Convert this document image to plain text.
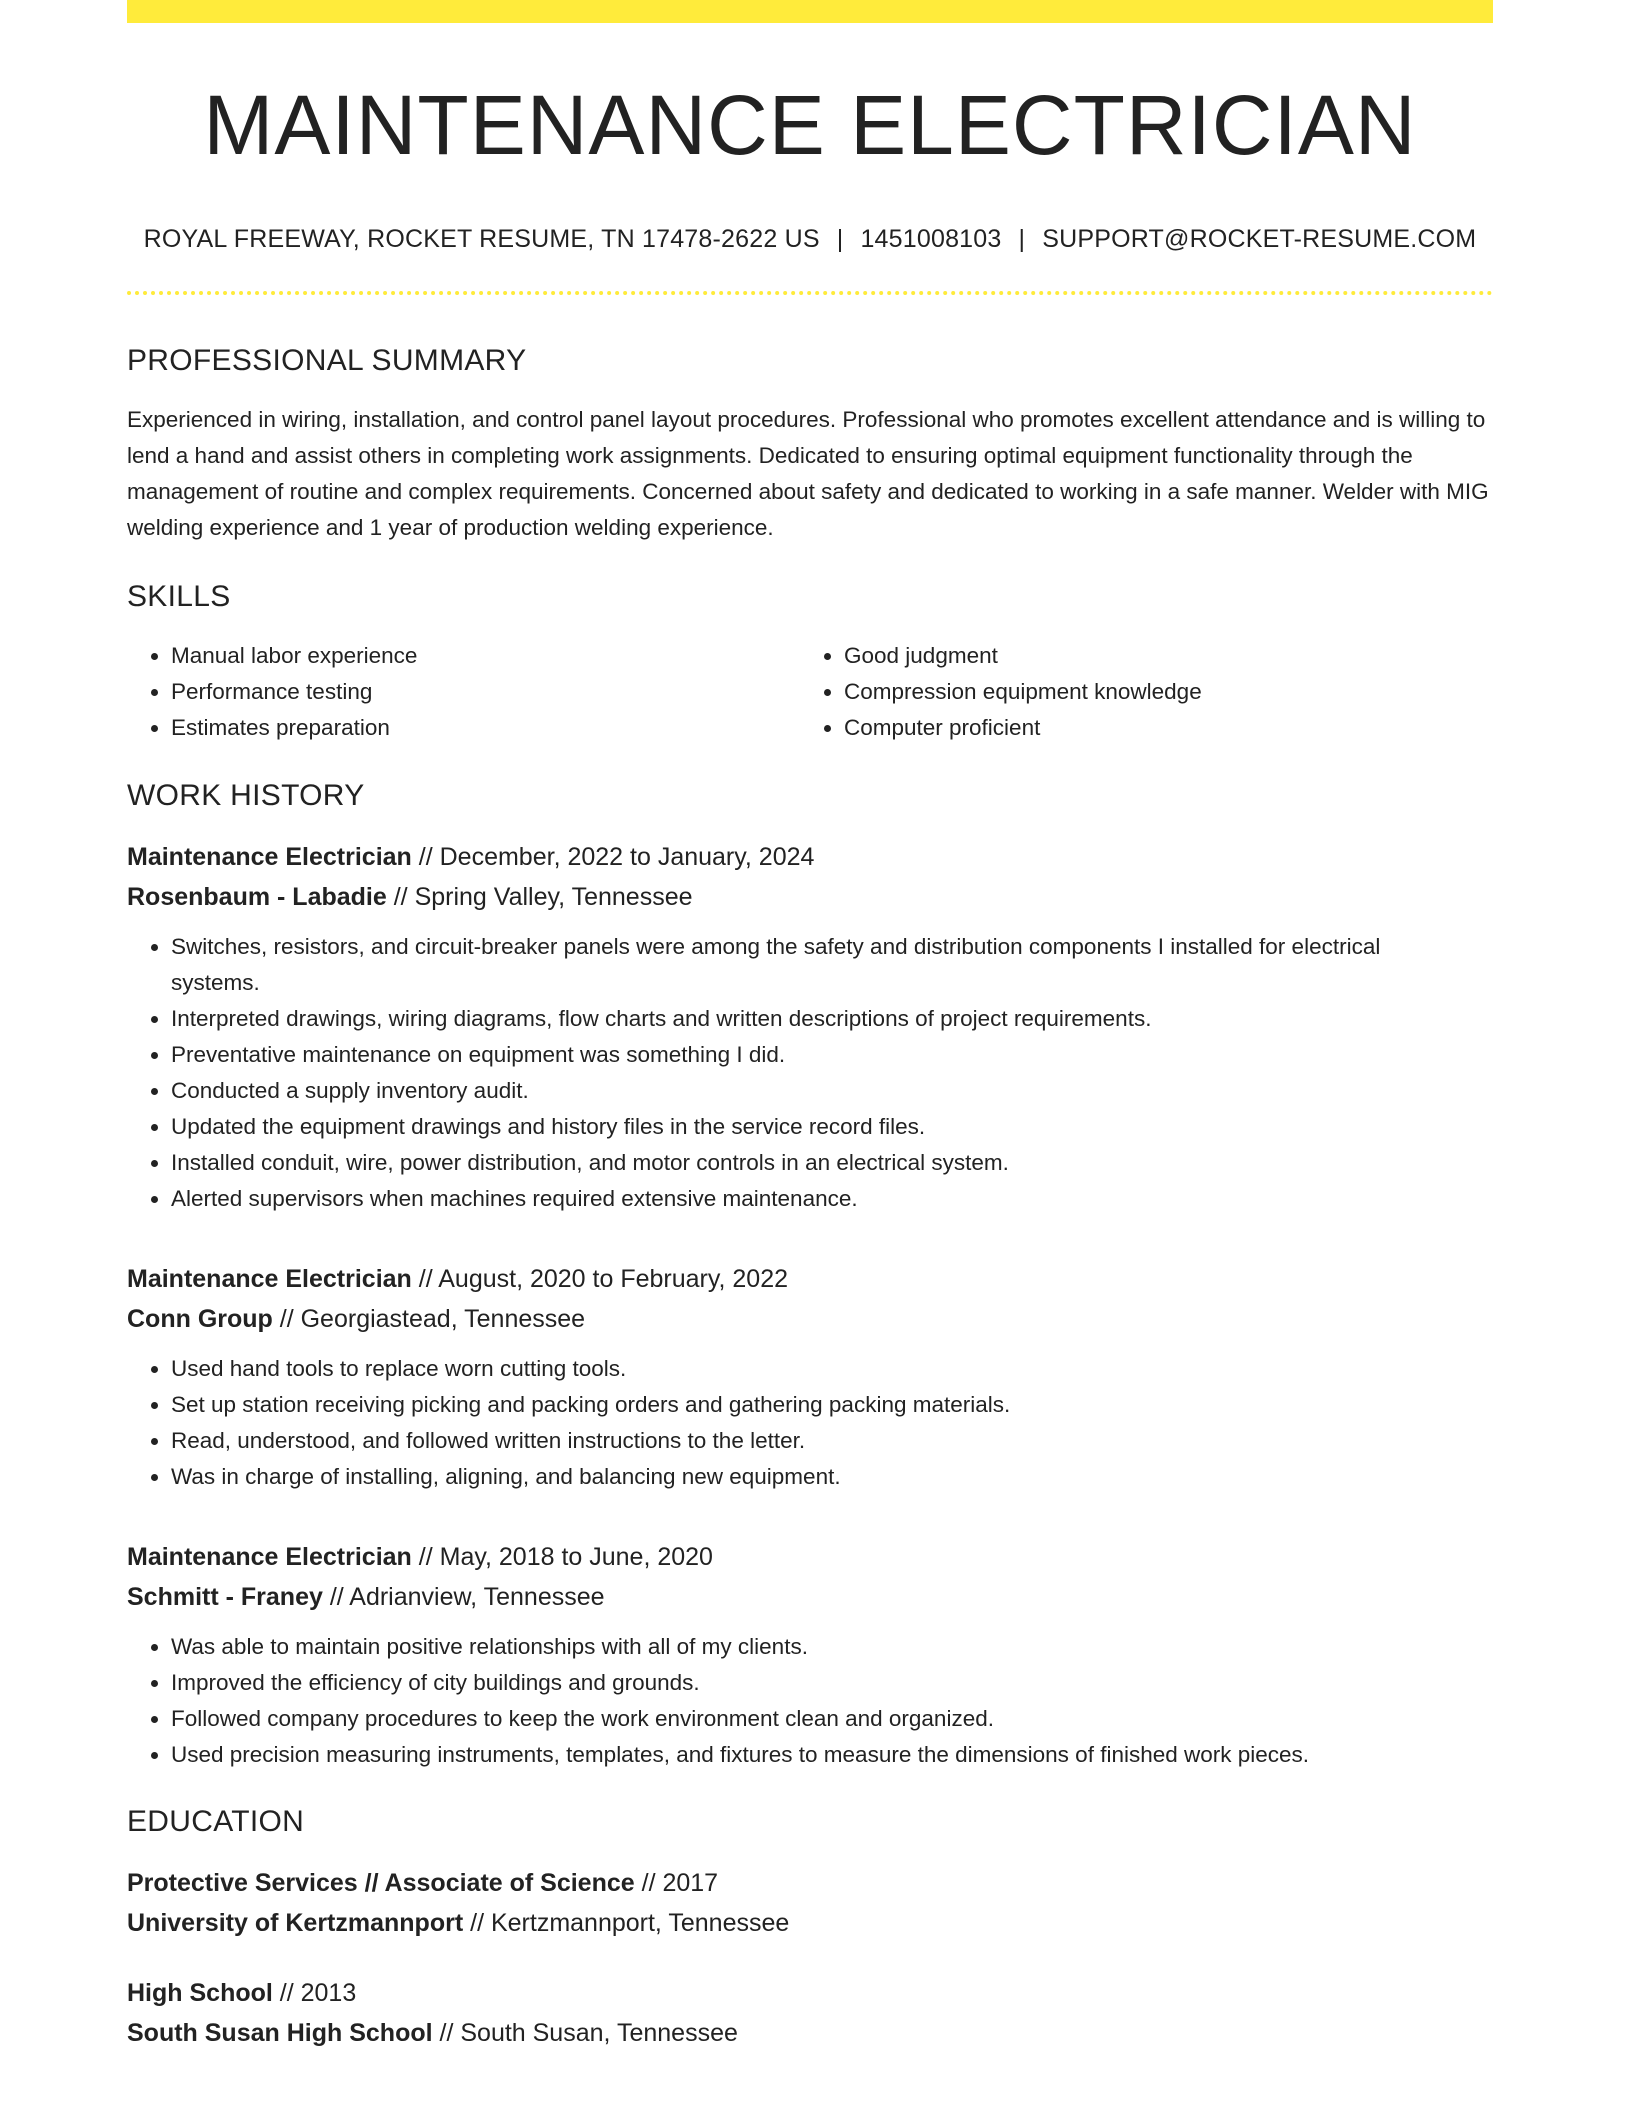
MAINTENANCE ELECTRICIAN
ROYAL FREEWAY, ROCKET RESUME, TN 17478-2622 US | 1451008103 | SUPPORT@ROCKET-RESUME.COM
PROFESSIONAL SUMMARY

Experienced in wiring, installation, and control panel layout procedures. Professional who promotes excellent attendance and is willing to lend a hand and assist others in completing work assignments. Dedicated to ensuring optimal equipment functionality through the management of routine and complex requirements. Concerned about safety and dedicated to working in a safe manner. Welder with MIG welding experience and 1 year of production welding experience.

SKILLS
• Manual labor experience
• Performance testing
• Estimates preparation
• Good judgment
• Compression equipment knowledge
• Computer proficient
WORK HISTORY
Maintenance Electrician // December, 2022 to January, 2024
Rosenbaum - Labadie // Spring Valley, Tennessee
• Switches, resistors, and circuit-breaker panels were among the safety and distribution components I installed for electrical systems.
• Interpreted drawings, wiring diagrams, flow charts and written descriptions of project requirements.
• Preventative maintenance on equipment was something I did.
• Conducted a supply inventory audit.
• Updated the equipment drawings and history files in the service record files.
• Installed conduit, wire, power distribution, and motor controls in an electrical system.
• Alerted supervisors when machines required extensive maintenance.
Maintenance Electrician // August, 2020 to February, 2022
Conn Group // Georgiastead, Tennessee
• Used hand tools to replace worn cutting tools.
• Set up station receiving picking and packing orders and gathering packing materials.
• Read, understood, and followed written instructions to the letter.
• Was in charge of installing, aligning, and balancing new equipment.
Maintenance Electrician // May, 2018 to June, 2020
Schmitt - Franey // Adrianview, Tennessee
• Was able to maintain positive relationships with all of my clients.
• Improved the efficiency of city buildings and grounds.
• Followed company procedures to keep the work environment clean and organized.
• Used precision measuring instruments, templates, and fixtures to measure the dimensions of finished work pieces.
EDUCATION
Protective Services // Associate of Science // 2017
University of Kertzmannport // Kertzmannport, Tennessee
High School // 2013
South Susan High School // South Susan, Tennessee
